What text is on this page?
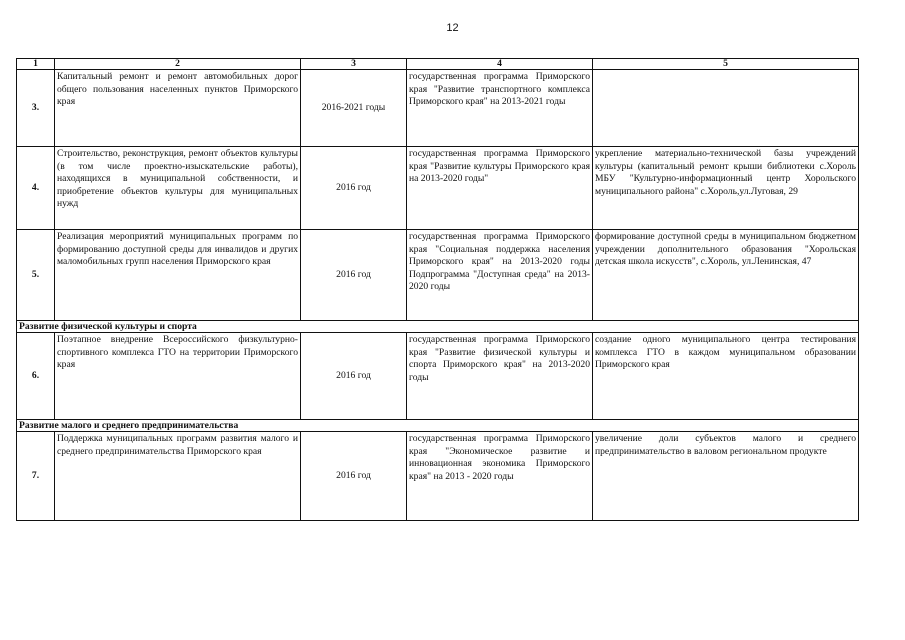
12
1	2	3	4	5
3.	Капитальный ремонт и ремонт автомобильных дорог общего пользования населенных пунктов Приморского края	2016-2021 годы	государственная программа Приморского края "Развитие транспортного комплекса Приморского края" на 2013-2021 годы	
4.	Строительство, реконструкция, ремонт объектов культуры (в том числе проектно-изыскательские работы), находящихся в муниципальной собственности, и приобретение объектов культуры для муниципальных нужд	2016 год	государственная программа Приморского края "Развитие культуры Приморского края на 2013-2020 годы"	укрепление материально-технической базы учреждений культуры (капитальный ремонт крыши библиотеки с.Хороль МБУ "Культурно-информационный центр Хорольского муниципального района" с.Хороль,ул.Луговая, 29
5.	Реализация мероприятий муниципальных программ по формированию доступной среды для инвалидов и других маломобильных групп населения Приморского края	2016 год	государственная программа Приморского края "Социальная поддержка населения Приморского края" на 2013-2020 годы Подпрограмма "Доступная среда" на 2013-2020 годы	формирование доступной среды в муниципальном бюджетном учреждении дополнительного образования "Хорольская детская школа искусств", с.Хороль, ул.Ленинская, 47
Развитие физической культуры и спорта				
6.	Поэтапное внедрение Всероссийского физкультурно-спортивного комплекса ГТО на территории Приморского края	2016 год	государственная программа Приморского края "Развитие физической культуры и спорта Приморского края" на 2013-2020 годы	создание одного муниципального центра тестирования комплекса ГТО в каждом муниципальном образовании Приморского края
Развитие малого и среднего предпринимательства				
7.	Поддержка муниципальных программ развития малого и среднего предпринимательства Приморского края	2016 год	государственная программа Приморского края "Экономическое развитие и инновационная экономика Приморского края" на 2013 - 2020 годы	увеличение доли субъектов малого и среднего предпринимательство в валовом региональном продукте
